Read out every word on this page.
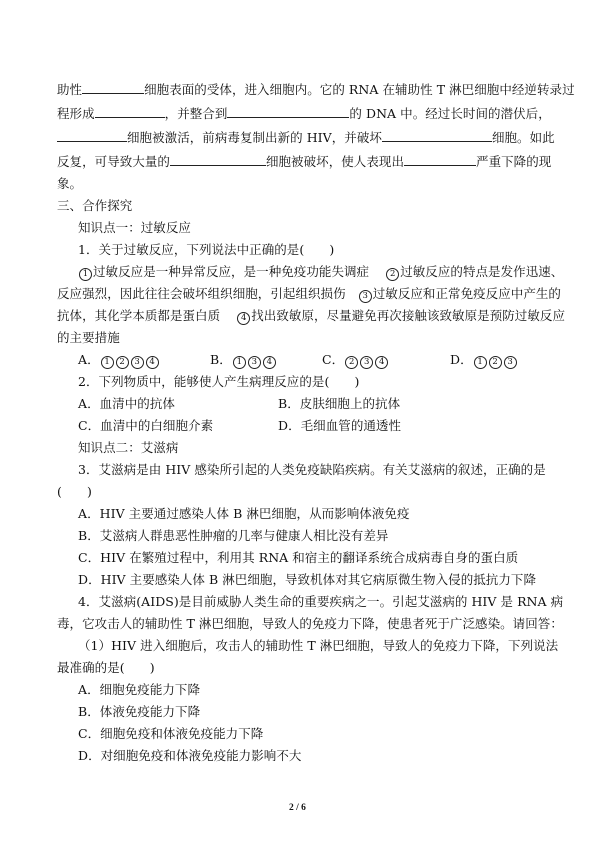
助性	细胞表面的受体，进入细胞内。它的 RNA 在辅助性 T 淋巴细胞中经逆转录过
程形成	，并整合到	的 DNA 中。经过长时间的潜伏后，
细胞被激活，前病毒复制出新的 HIV，并破坏	细胞。如此
反复，可导致大量的	细胞被破坏，使人表现出	严重下降的现
象。
三、合作探究
知识点一：过敏反应
1．关于过敏反应，下列说法中正确的是(　　)
1 过敏反应是一种异常反应，是一种免疫功能失调症 2 过敏反应的特点是发作迅速、
反应强烈，因此往往会破坏组织细胞，引起组织损伤 3 过敏反应和正常免疫反应中产生的
抗体，其化学本质都是蛋白质 4 找出致敏原，尽量避免再次接触该致敏原是预防过敏反应
的主要措施
A． 1 2 3 4	B． 1 3 4	C． 2 3 4	D． 1 2 3
2．下列物质中，能够使人产生病理反应的是(　　)
A．血清中的抗体	B．皮肤细胞上的抗体
C．血清中的白细胞介素	D．毛细血管的通透性
知识点二：艾滋病
3．艾滋病是由 HIV 感染所引起的人类免疫缺陷疾病。有关艾滋病的叙述，正确的是
(　　)
A．HIV 主要通过感染人体 B 淋巴细胞，从而影响体液免疫
B．艾滋病人群患恶性肿瘤的几率与健康人相比没有差异
C．HIV 在繁殖过程中，利用其 RNA 和宿主的翻译系统合成病毒自身的蛋白质
D．HIV 主要感染人体 B 淋巴细胞，导致机体对其它病原微生物入侵的抵抗力下降
4．艾滋病(AIDS)是目前威胁人类生命的重要疾病之一。引起艾滋病的 HIV 是 RNA 病
毒，它攻击人的辅助性 T 淋巴细胞，导致人的免疫力下降，使患者死于广泛感染。请回答：
（1）HIV 进入细胞后，攻击人的辅助性 T 淋巴细胞，导致人的免疫力下降，下列说法
最准确的是(　　)
A．细胞免疫能力下降
B．体液免疫能力下降
C．细胞免疫和体液免疫能力下降
D．对细胞免疫和体液免疫能力影响不大
2 / 6
